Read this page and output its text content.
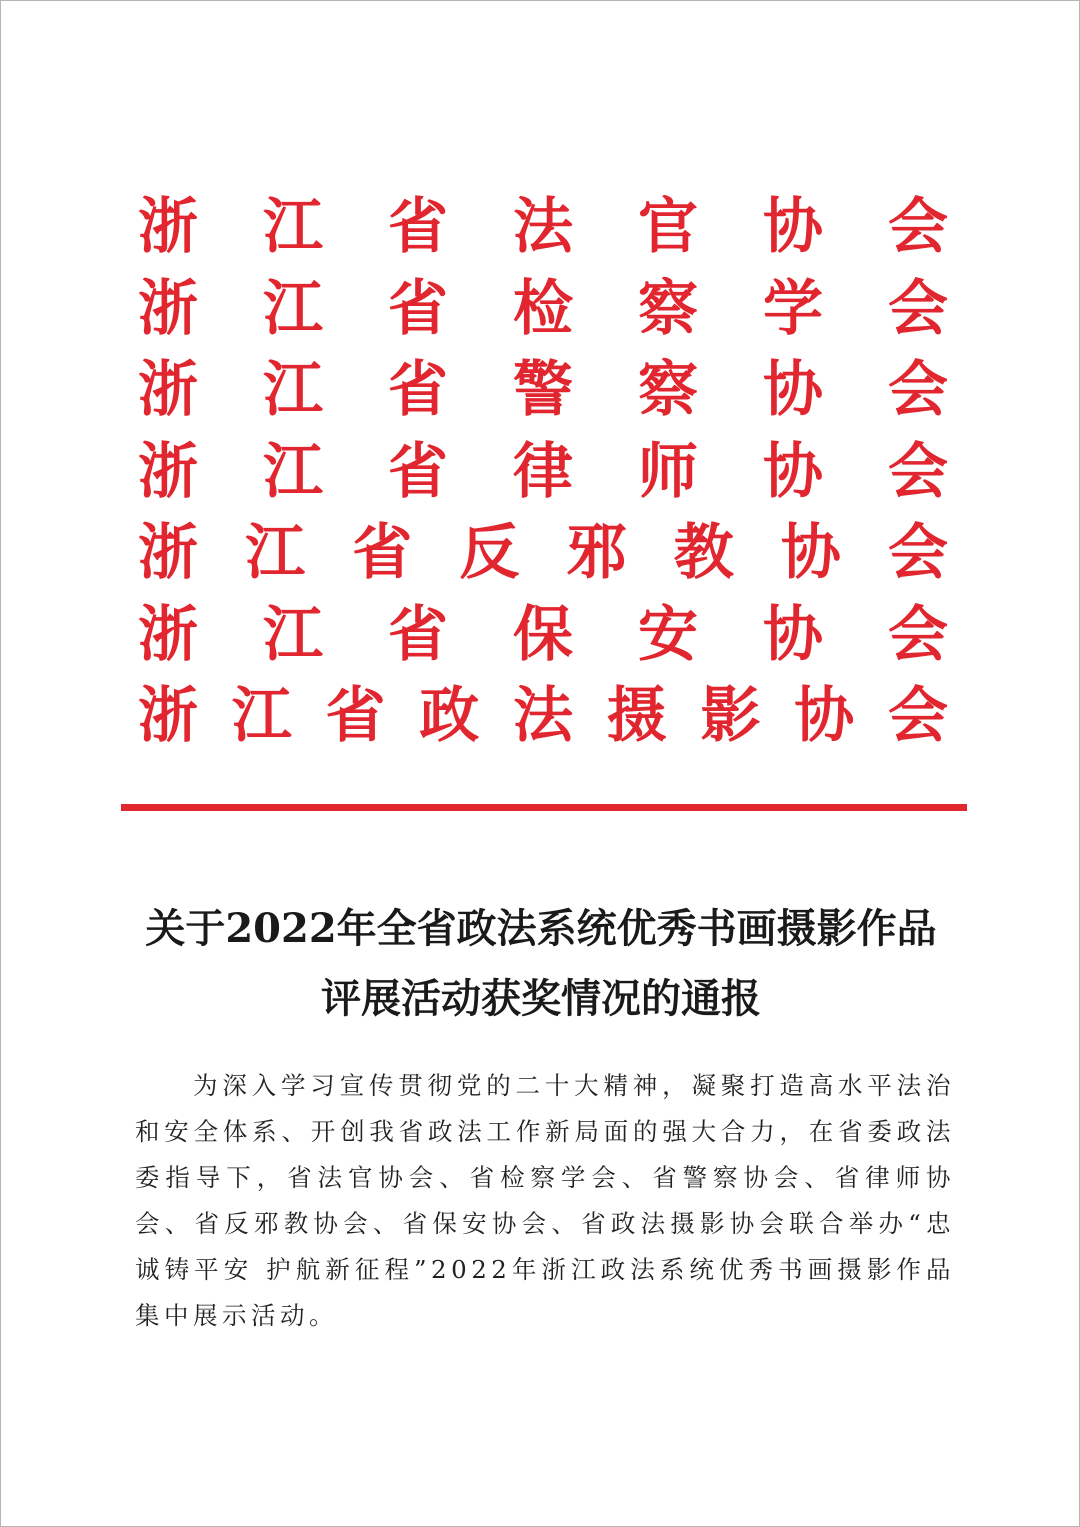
浙 江 省 法 官 协 会
浙 江 省 检 察 学 会
浙 江 省 警 察 协 会
浙 江 省 律 师 协 会
浙 江 省 反 邪 教 协 会
浙 江 省 保 安 协 会
浙 江 省 政 法 摄 影 协 会
关于2022年全省政法系统优秀书画摄影作品
评展活动获奖情况的通报

为深入学习宣传贯彻党的二十大精神，凝聚打造高水平法治和安全体系、开创我省政法工作新局面的强大合力，在省委政法委指导下，省法官协会、省检察学会、省警察协会、省律师协会、省反邪教协会、省保安协会、省政法摄影协会联合举办“忠诚铸平安 护航新征程”2022年浙江政法系统优秀书画摄影作品集中展示活动。
